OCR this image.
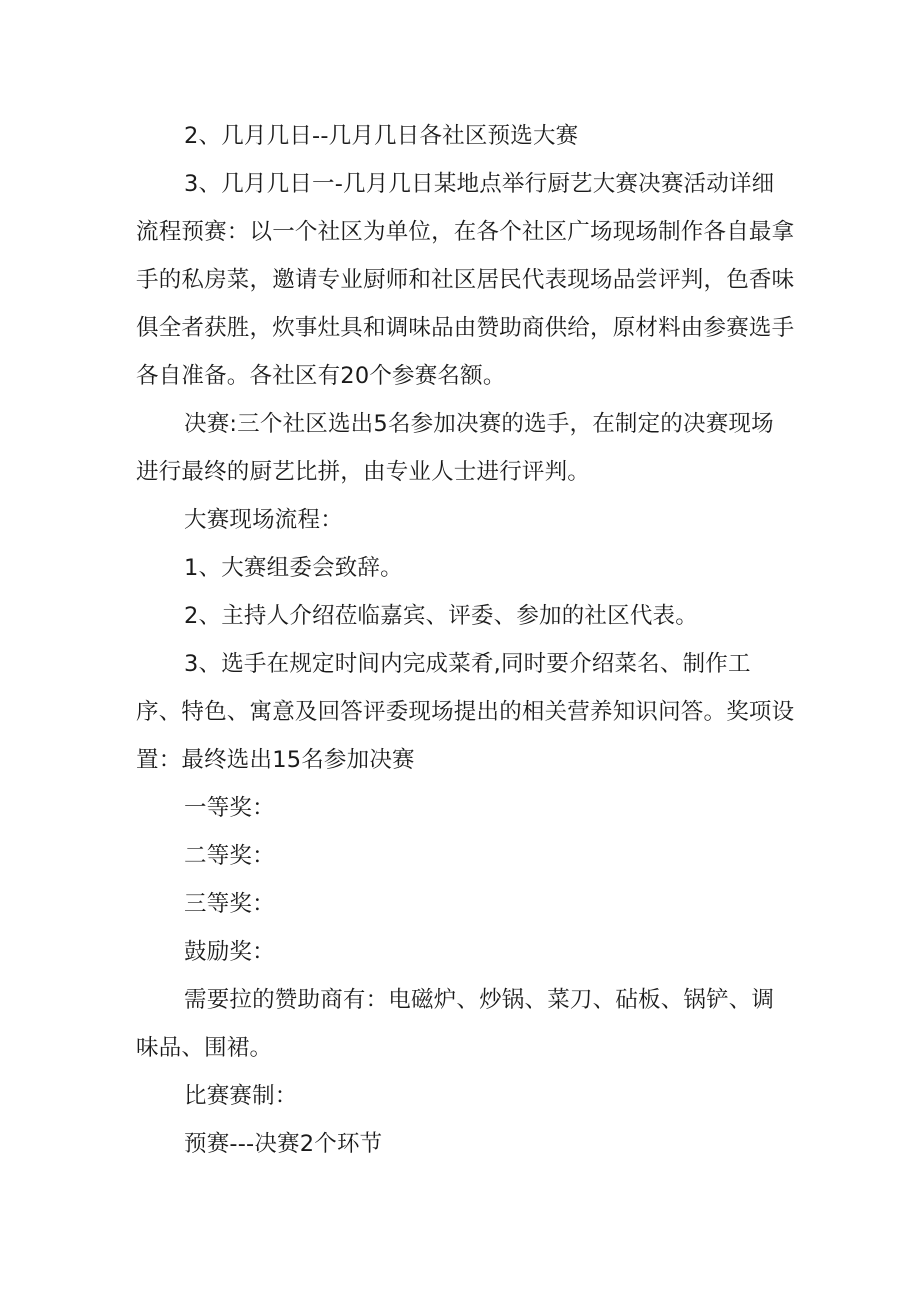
2、几月几日--几月几日各社区预选大赛

3、几月几日一-几月几日某地点举行厨艺大赛决赛活动详细流程预赛：以一个社区为单位，在各个社区广场现场制作各自最拿手的私房菜，邀请专业厨师和社区居民代表现场品尝评判，色香味俱全者获胜，炊事灶具和调味品由赞助商供给，原材料由参赛选手各自准备。各社区有20个参赛名额。

决赛:三个社区选出5名参加决赛的选手，在制定的决赛现场进行最终的厨艺比拼，由专业人士进行评判。

大赛现场流程：

1、大赛组委会致辞。

2、主持人介绍莅临嘉宾、评委、参加的社区代表。

3、选手在规定时间内完成菜肴,同时要介绍菜名、制作工序、特色、寓意及回答评委现场提出的相关营养知识问答。奖项设置：最终选出15名参加决赛

一等奖：

二等奖：

三等奖：

鼓励奖：

需要拉的赞助商有：电磁炉、炒锅、菜刀、砧板、锅铲、调味品、围裙。

比赛赛制：

预赛---决赛2个环节
